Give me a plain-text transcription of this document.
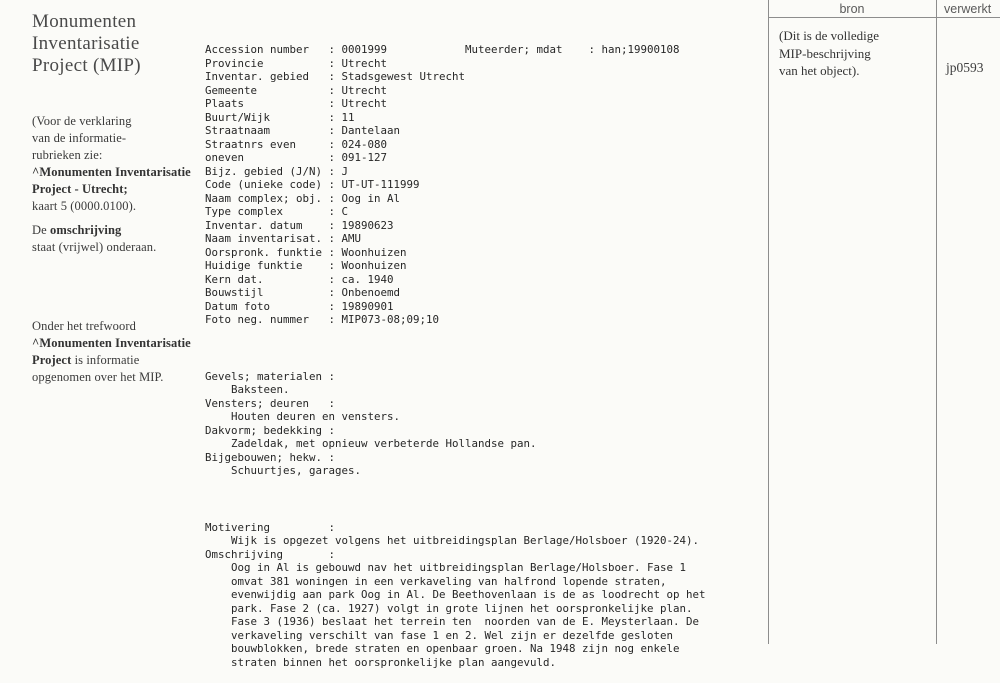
Monumenten
Inventarisatie
Project (MIP)
(Voor de verklaring
van de informatie-
rubrieken zie:
^Monumenten Inventarisatie
Project - Utrecht;
kaart 5 (0000.0100).
De omschrijving
staat (vrijwel) onderaan.
Onder het trefwoord
^Monumenten Inventarisatie
Project is informatie
opgenomen over het MIP.

Accession number   : 0001999            Muteerder; mdat    : han;19900108
Provincie          : Utrecht
Inventar. gebied   : Stadsgewest Utrecht
Gemeente           : Utrecht
Plaats             : Utrecht
Buurt/Wijk         : 11
Straatnaam         : Dantelaan
Straatnrs even     : 024-080
oneven             : 091-127
Bijz. gebied (J/N) : J
Code (unieke code) : UT-UT-111999
Naam complex; obj. : Oog in Al
Type complex       : C
Inventar. datum    : 19890623
Naam inventarisat. : AMU
Oorspronk. funktie : Woonhuizen
Huidige funktie    : Woonhuizen
Kern dat.          : ca. 1940
Bouwstijl          : Onbenoemd
Datum foto         : 19890901
Foto neg. nummer   : MIP073-08;09;10

Gevels; materialen :
Baksteen.
Vensters; deuren   :
Houten deuren en vensters.
Dakvorm; bedekking :
Zadeldak, met opnieuw verbeterde Hollandse pan.
Bijgebouwen; hekw. :
Schuurtjes, garages.

Motivering         :
Wijk is opgezet volgens het uitbreidingsplan Berlage/Holsboer (1920-24).
Omschrijving       :
Oog in Al is gebouwd nav het uitbreidingsplan Berlage/Holsboer. Fase 1
omvat 381 woningen in een verkaveling van halfrond lopende straten,
evenwijdig aan park Oog in Al. De Beethovenlaan is de as loodrecht op het
park. Fase 2 (ca. 1927) volgt in grote lijnen het oorspronkelijke plan.
Fase 3 (1936) beslaat het terrein ten  noorden van de E. Meysterlaan. De
verkaveling verschilt van fase 1 en 2. Wel zijn er dezelfde gesloten
bouwblokken, brede straten en openbaar groen. Na 1948 zijn nog enkele
straten binnen het oorspronkelijke plan aangevuld.

bron	verwerkt
(Dit is de volledige
MIP-beschrijving
van het object).	jp0593
